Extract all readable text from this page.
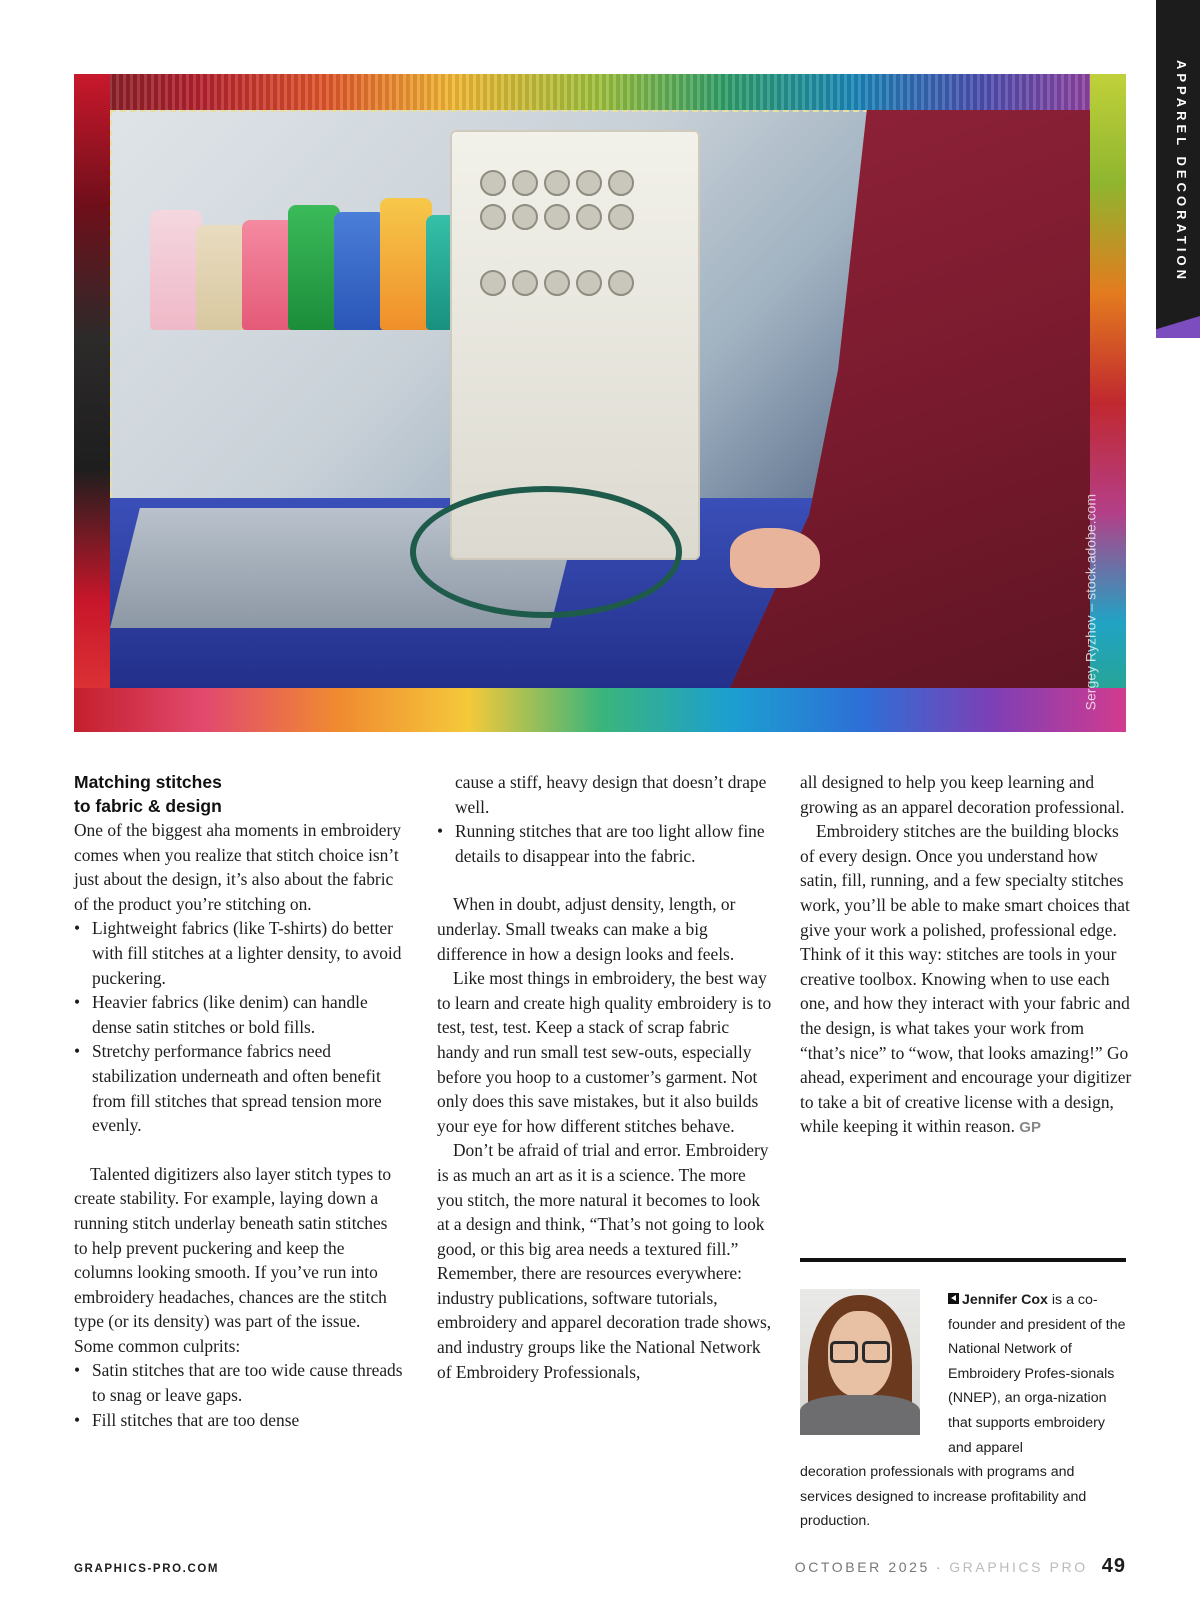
APPAREL DECORATION
Sergey Ryzhov – stock.adobe.com
Matching stitches
to fabric & design

One of the biggest aha moments in embroidery comes when you realize that stitch choice isn’t just about the design, it’s also about the fabric of the product you’re stitching on.

• Lightweight fabrics (like T-shirts) do better with fill stitches at a lighter density, to avoid puckering.
• Heavier fabrics (like denim) can handle dense satin stitches or bold fills.
• Stretchy performance fabrics need stabilization underneath and often benefit from fill stitches that spread tension more evenly.

Talented digitizers also layer stitch types to create stability. For example, laying down a running stitch underlay beneath satin stitches to help prevent puckering and keep the columns looking smooth. If you’ve run into embroidery headaches, chances are the stitch type (or its density) was part of the issue. Some common culprits:

• Satin stitches that are too wide cause threads to snag or leave gaps.
• Fill stitches that are too dense
cause a stiff, heavy design that doesn’t drape well.
• Running stitches that are too light allow fine details to disappear into the fabric.

When in doubt, adjust density, length, or underlay. Small tweaks can make a big difference in how a design looks and feels.

Like most things in embroidery, the best way to learn and create high quality embroidery is to test, test, test. Keep a stack of scrap fabric handy and run small test sew-outs, especially before you hoop to a customer’s garment. Not only does this save mistakes, but it also builds your eye for how different stitches behave.

Don’t be afraid of trial and error. Embroidery is as much an art as it is a science. The more you stitch, the more natural it becomes to look at a design and think, “That’s not going to look good, or this big area needs a textured fill.” Remember, there are resources everywhere: industry publications, software tutorials, embroidery and apparel decoration trade shows, and industry groups like the National Network of Embroidery Professionals,

all designed to help you keep learning and growing as an apparel decoration professional.

Embroidery stitches are the building blocks of every design. Once you understand how satin, fill, running, and a few specialty stitches work, you’ll be able to make smart choices that give your work a polished, professional edge. Think of it this way: stitches are tools in your creative toolbox. Knowing when to use each one, and how they interact with your fabric and the design, is what takes your work from “that’s nice” to “wow, that looks amazing!” Go ahead, experiment and encourage your digitizer to take a bit of creative license with a design, while keeping it within reason. GP

Jennifer Cox is a co-founder and president of the National Network of Embroidery Profes-sionals (NNEP), an orga-nization that supports embroidery and apparel
decoration professionals with programs and services designed to increase profitability and production.
GRAPHICS-PRO.COM	OCTOBER 2025 · GRAPHICS PRO 49
